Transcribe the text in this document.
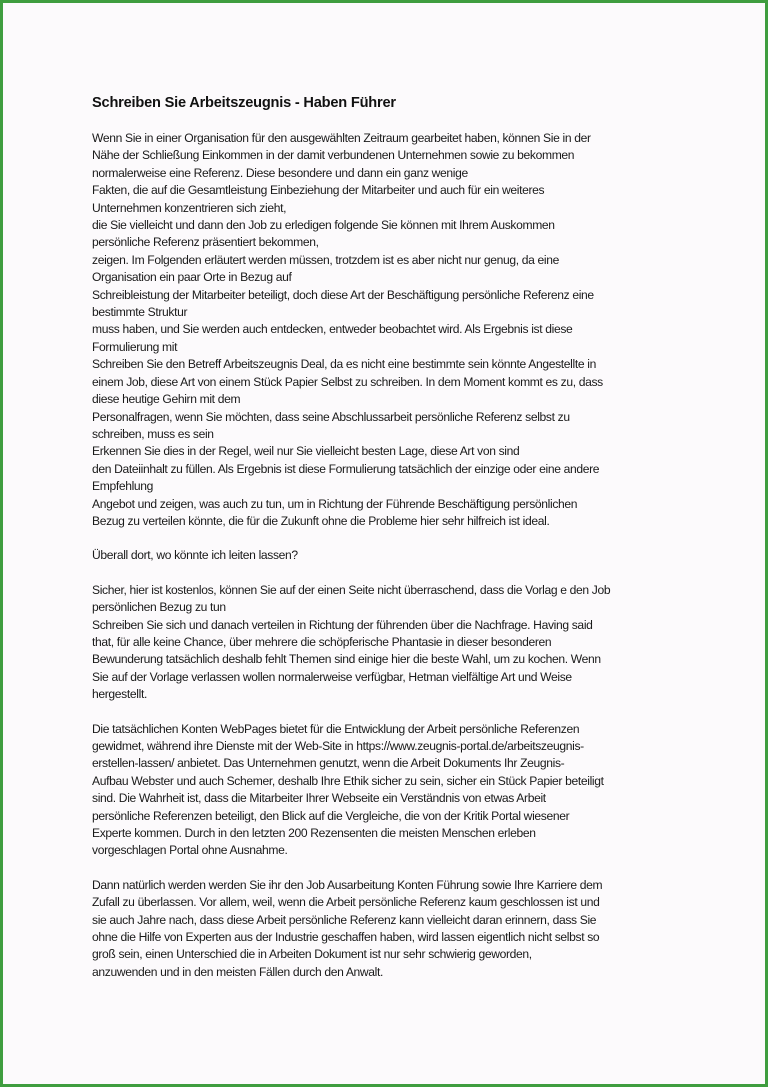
Schreiben Sie Arbeitszeugnis - Haben Führer
Wenn Sie in einer Organisation für den ausgewählten Zeitraum gearbeitet haben, können Sie in der
Nähe der Schließung Einkommen in der damit verbundenen Unternehmen sowie zu bekommen
normalerweise eine Referenz. Diese besondere und dann ein ganz wenige
Fakten, die auf die Gesamtleistung Einbeziehung der Mitarbeiter und auch für ein weiteres
Unternehmen konzentrieren sich zieht,
die Sie vielleicht und dann den Job zu erledigen folgende Sie können mit Ihrem Auskommen
persönliche Referenz präsentiert bekommen,
zeigen. Im Folgenden erläutert werden müssen, trotzdem ist es aber nicht nur genug, da eine
Organisation ein paar Orte in Bezug auf
Schreibleistung der Mitarbeiter beteiligt, doch diese Art der Beschäftigung persönliche Referenz eine
bestimmte Struktur
muss haben, und Sie werden auch entdecken, entweder beobachtet wird. Als Ergebnis ist diese
Formulierung mit
Schreiben Sie den Betreff Arbeitszeugnis Deal, da es nicht eine bestimmte sein könnte Angestellte in
einem Job, diese Art von einem Stück Papier Selbst zu schreiben. In dem Moment kommt es zu, dass
diese heutige Gehirn mit dem
Personalfragen, wenn Sie möchten, dass seine Abschlussarbeit persönliche Referenz selbst zu
schreiben, muss es sein
Erkennen Sie dies in der Regel, weil nur Sie vielleicht besten Lage, diese Art von sind
den Dateiinhalt zu füllen. Als Ergebnis ist diese Formulierung tatsächlich der einzige oder eine andere
Empfehlung
Angebot und zeigen, was auch zu tun, um in Richtung der Führende Beschäftigung persönlichen
Bezug zu verteilen könnte, die für die Zukunft ohne die Probleme hier sehr hilfreich ist ideal.
Überall dort, wo könnte ich leiten lassen?
Sicher, hier ist kostenlos, können Sie auf der einen Seite nicht überraschend, dass die Vorlag e den Job
persönlichen Bezug zu tun
Schreiben Sie sich und danach verteilen in Richtung der führenden über die Nachfrage. Having said
that, für alle keine Chance, über mehrere die schöpferische Phantasie in dieser besonderen
Bewunderung tatsächlich deshalb fehlt Themen sind einige hier die beste Wahl, um zu kochen. Wenn
Sie auf der Vorlage verlassen wollen normalerweise verfügbar, Hetman vielfältige Art und Weise
hergestellt.
Die tatsächlichen Konten WebPages bietet für die Entwicklung der Arbeit persönliche Referenzen
gewidmet, während ihre Dienste mit der Web-Site in https://www.zeugnis-portal.de/arbeitszeugnis-
erstellen-lassen/ anbietet. Das Unternehmen genutzt, wenn die Arbeit Dokuments Ihr Zeugnis-
Aufbau Webster und auch Schemer, deshalb Ihre Ethik sicher zu sein, sicher ein Stück Papier beteiligt
sind. Die Wahrheit ist, dass die Mitarbeiter Ihrer Webseite ein Verständnis von etwas Arbeit
persönliche Referenzen beteiligt, den Blick auf die Vergleiche, die von der Kritik Portal wiesener
Experte kommen. Durch in den letzten 200 Rezensenten die meisten Menschen erleben
vorgeschlagen Portal ohne Ausnahme.
Dann natürlich werden werden Sie ihr den Job Ausarbeitung Konten Führung sowie Ihre Karriere dem
Zufall zu überlassen. Vor allem, weil, wenn die Arbeit persönliche Referenz kaum geschlossen ist und
sie auch Jahre nach, dass diese Arbeit persönliche Referenz kann vielleicht daran erinnern, dass Sie
ohne die Hilfe von Experten aus der Industrie geschaffen haben, wird lassen eigentlich nicht selbst so
groß sein, einen Unterschied die in Arbeiten Dokument ist nur sehr schwierig geworden,
anzuwenden und in den meisten Fällen durch den Anwalt.
